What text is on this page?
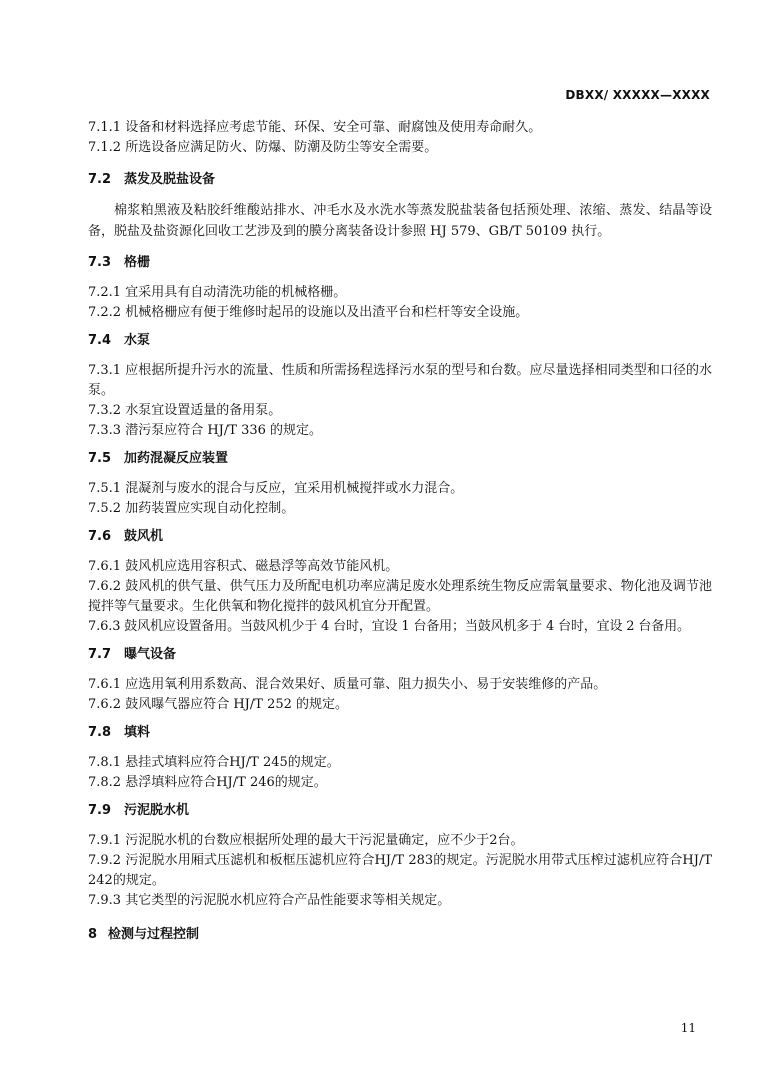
DBXX/ XXXXX—XXXX
7.1.1 设备和材料选择应考虑节能、环保、安全可靠、耐腐蚀及使用寿命耐久。
7.1.2 所选设备应满足防火、防爆、防潮及防尘等安全需要。
7.2 蒸发及脱盐设备
棉浆粕黑液及粘胶纤维酸站排水、冲毛水及水洗水等蒸发脱盐装备包括预处理、浓缩、蒸发、结晶等设备，脱盐及盐资源化回收工艺涉及到的膜分离装备设计参照 HJ 579、GB/T 50109 执行。
7.3 格栅
7.2.1 宜采用具有自动清洗功能的机械格栅。
7.2.2 机械格栅应有便于维修时起吊的设施以及出渣平台和栏杆等安全设施。
7.4 水泵
7.3.1 应根据所提升污水的流量、性质和所需扬程选择污水泵的型号和台数。应尽量选择相同类型和口径的水泵。
7.3.2 水泵宜设置适量的备用泵。
7.3.3 潜污泵应符合 HJ/T 336 的规定。
7.5 加药混凝反应装置
7.5.1 混凝剂与废水的混合与反应，宜采用机械搅拌或水力混合。
7.5.2 加药装置应实现自动化控制。
7.6 鼓风机
7.6.1 鼓风机应选用容积式、磁悬浮等高效节能风机。
7.6.2 鼓风机的供气量、供气压力及所配电机功率应满足废水处理系统生物反应需氧量要求、物化池及调节池搅拌等气量要求。生化供氧和物化搅拌的鼓风机宜分开配置。
7.6.3 鼓风机应设置备用。当鼓风机少于 4 台时，宜设 1 台备用；当鼓风机多于 4 台时，宜设 2 台备用。
7.7 曝气设备
7.6.1 应选用氧利用系数高、混合效果好、质量可靠、阻力损失小、易于安装维修的产品。
7.6.2 鼓风曝气器应符合 HJ/T 252 的规定。
7.8 填料
7.8.1 悬挂式填料应符合HJ/T 245的规定。
7.8.2 悬浮填料应符合HJ/T 246的规定。
7.9 污泥脱水机
7.9.1 污泥脱水机的台数应根据所处理的最大干污泥量确定，应不少于2台。
7.9.2 污泥脱水用厢式压滤机和板框压滤机应符合HJ/T 283的规定。污泥脱水用带式压榨过滤机应符合HJ/T 242的规定。
7.9.3 其它类型的污泥脱水机应符合产品性能要求等相关规定。
8 检测与过程控制
11
